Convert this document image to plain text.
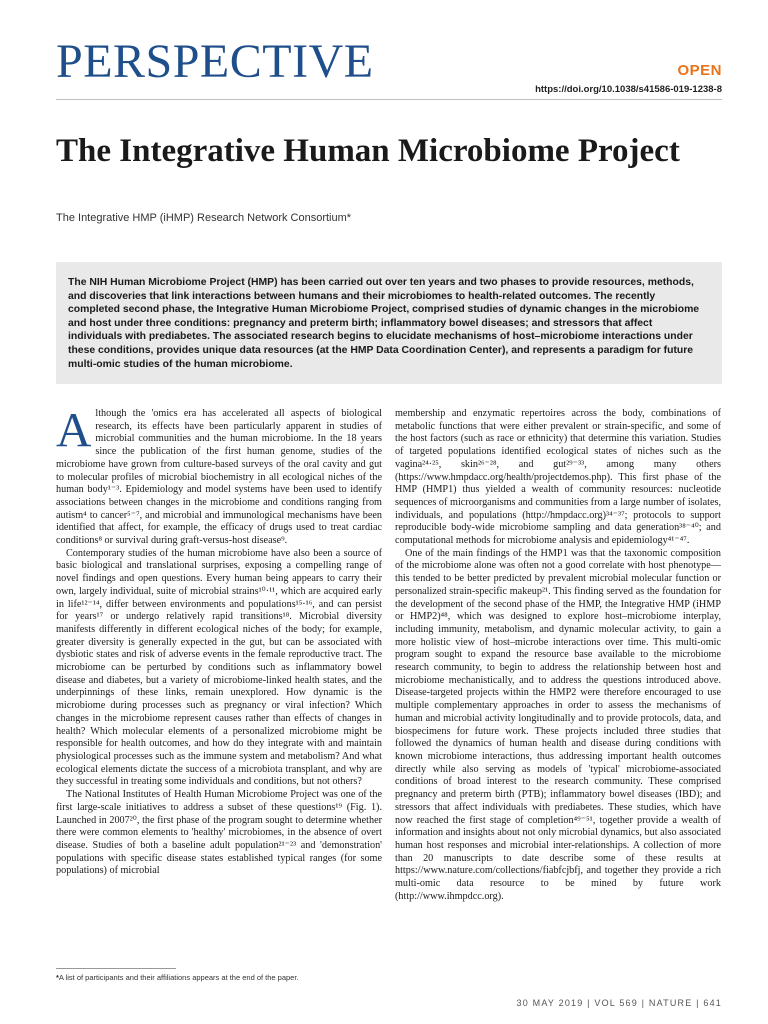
PERSPECTIVE	OPEN
https://doi.org/10.1038/s41586-019-1238-8
The Integrative Human Microbiome Project
The Integrative HMP (iHMP) Research Network Consortium*

The NIH Human Microbiome Project (HMP) has been carried out over ten years and two phases to provide resources, methods, and discoveries that link interactions between humans and their microbiomes to health-related outcomes. The recently completed second phase, the Integrative Human Microbiome Project, comprised studies of dynamic changes in the microbiome and host under three conditions: pregnancy and preterm birth; inflammatory bowel diseases; and stressors that affect individuals with prediabetes. The associated research begins to elucidate mechanisms of host–microbiome interactions under these conditions, provides unique data resources (at the HMP Data Coordination Center), and represents a paradigm for future multi-omic studies of the human microbiome.

Although the 'omics era has accelerated all aspects of biological research, its effects have been particularly apparent in studies of microbial communities and the human microbiome. In the 18 years since the publication of the first human genome, studies of the microbiome have grown from culture-based surveys of the oral cavity and gut to molecular profiles of microbial biochemistry in all ecological niches of the human body¹⁻³. Epidemiology and model systems have been used to identify associations between changes in the microbiome and conditions ranging from autism⁴ to cancer⁵⁻⁷, and microbial and immunological mechanisms have been identified that affect, for example, the efficacy of drugs used to treat cardiac conditions⁸ or survival during graft-versus-host disease⁹.

Contemporary studies of the human microbiome have also been a source of basic biological and translational surprises, exposing a compelling range of novel findings and open questions. Every human being appears to carry their own, largely individual, suite of microbial strains¹⁰·¹¹, which are acquired early in life¹²⁻¹⁴, differ between environments and populations¹⁵·¹⁶, and can persist for years¹⁷ or undergo relatively rapid transitions¹⁸. Microbial diversity manifests differently in different ecological niches of the body; for example, greater diversity is generally expected in the gut, but can be associated with dysbiotic states and risk of adverse events in the female reproductive tract. The microbiome can be perturbed by conditions such as inflammatory bowel disease and diabetes, but a variety of microbiome-linked health states, and the underpinnings of these links, remain unexplored. How dynamic is the microbiome during processes such as pregnancy or viral infection? Which changes in the microbiome represent causes rather than effects of changes in health? Which molecular elements of a personalized microbiome might be responsible for health outcomes, and how do they integrate with and maintain physiological processes such as the immune system and metabolism? And what ecological elements dictate the success of a microbiota transplant, and why are they successful in treating some individuals and conditions, but not others?

The National Institutes of Health Human Microbiome Project was one of the first large-scale initiatives to address a subset of these questions¹⁹ (Fig. 1). Launched in 2007²⁰, the first phase of the program sought to determine whether there were common elements to 'healthy' microbiomes, in the absence of overt disease. Studies of both a baseline adult population²¹⁻²³ and 'demonstration' populations with specific disease states established typical ranges (for some populations) of microbial

membership and enzymatic repertoires across the body, combinations of metabolic functions that were either prevalent or strain-specific, and some of the host factors (such as race or ethnicity) that determine this variation. Studies of targeted populations identified ecological states of niches such as the vagina²⁴·²⁵, skin²⁶⁻²⁸, and gut²⁹⁻³³, among many others (https://www.hmpdacc.org/health/projectdemos.php). This first phase of the HMP (HMP1) thus yielded a wealth of community resources: nucleotide sequences of microorganisms and communities from a large number of isolates, individuals, and populations (http://hmpdacc.org)³⁴⁻³⁷; protocols to support reproducible body-wide microbiome sampling and data generation³⁸⁻⁴⁰; and computational methods for microbiome analysis and epidemiology⁴¹⁻⁴⁷.

One of the main findings of the HMP1 was that the taxonomic composition of the microbiome alone was often not a good correlate with host phenotype—this tended to be better predicted by prevalent microbial molecular function or personalized strain-specific makeup²¹. This finding served as the foundation for the development of the second phase of the HMP, the Integrative HMP (iHMP or HMP2)⁴⁸, which was designed to explore host–microbiome interplay, including immunity, metabolism, and dynamic molecular activity, to gain a more holistic view of host–microbe interactions over time. This multi-omic program sought to expand the resource base available to the microbiome research community, to begin to address the relationship between host and microbiome mechanistically, and to address the questions introduced above. Disease-targeted projects within the HMP2 were therefore encouraged to use multiple complementary approaches in order to assess the mechanisms of human and microbial activity longitudinally and to provide protocols, data, and biospecimens for future work. These projects included three studies that followed the dynamics of human health and disease during conditions with known microbiome interactions, thus addressing important health outcomes directly while also serving as models of 'typical' microbiome-associated conditions of broad interest to the research community. These comprised pregnancy and preterm birth (PTB); inflammatory bowel diseases (IBD); and stressors that affect individuals with prediabetes. These studies, which have now reached the first stage of completion⁴⁹⁻⁵¹, together provide a wealth of information and insights about not only microbial dynamics, but also associated human host responses and microbial inter-relationships. A collection of more than 20 manuscripts to date describe some of these results at https://www.nature.com/collections/fiabfcjbfj, and together they provide a rich multi-omic data resource to be mined by future work (http://www.ihmpdcc.org).

*A list of participants and their affiliations appears at the end of the paper.
30 MAY 2019 | VOL 569 | NATURE | 641
